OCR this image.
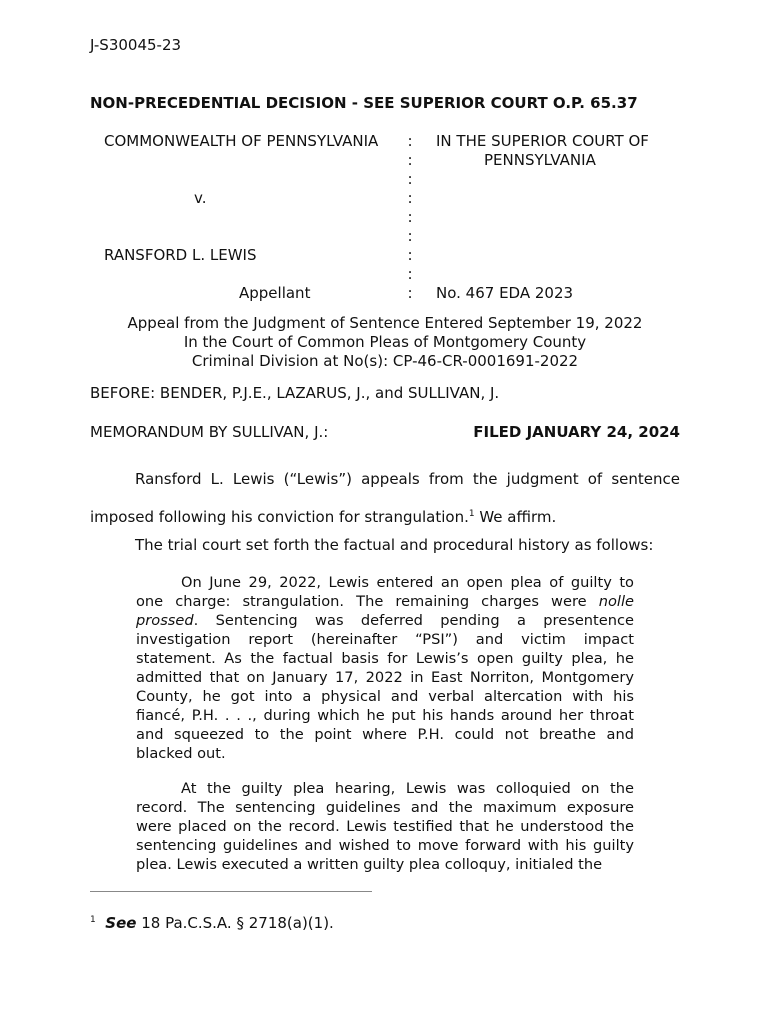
J-S30045-23
NON-PRECEDENTIAL DECISION - SEE SUPERIOR COURT O.P. 65.37
COMMONWEALTH OF PENNSYLVANIA
v.
RANSFORD L. LEWIS
Appellant
:
:
:
:
:
:
:
:
:
IN THE SUPERIOR COURT OF
PENNSYLVANIA
No. 467 EDA 2023
Appeal from the Judgment of Sentence Entered September 19, 2022
In the Court of Common Pleas of Montgomery County
Criminal Division at No(s): CP-46-CR-0001691-2022
BEFORE: BENDER, P.J.E., LAZARUS, J., and SULLIVAN, J.
MEMORANDUM BY SULLIVAN, J.:	FILED JANUARY 24, 2024

Ransford L. Lewis (“Lewis”) appeals from the judgment of sentence imposed following his conviction for strangulation.$^1$ We affirm.

The trial court set forth the factual and procedural history as follows:

On June 29, 2022, Lewis entered an open plea of guilty to one charge: strangulation. The remaining charges were nolle prossed. Sentencing was deferred pending a presentence investigation report (hereinafter “PSI”) and victim impact statement. As the factual basis for Lewis’s open guilty plea, he admitted that on January 17, 2022 in East Norriton, Montgomery County, he got into a physical and verbal altercation with his fiancé, P.H. . . ., during which he put his hands around her throat and squeezed to the point where P.H. could not breathe and blacked out.

At the guilty plea hearing, Lewis was colloquied on the record. The sentencing guidelines and the maximum exposure were placed on the record. Lewis testified that he understood the sentencing guidelines and wished to move forward with his guilty plea. Lewis executed a written guilty plea colloquy, initialed the

$^1$ See 18 Pa.C.S.A. § 2718(a)(1).
